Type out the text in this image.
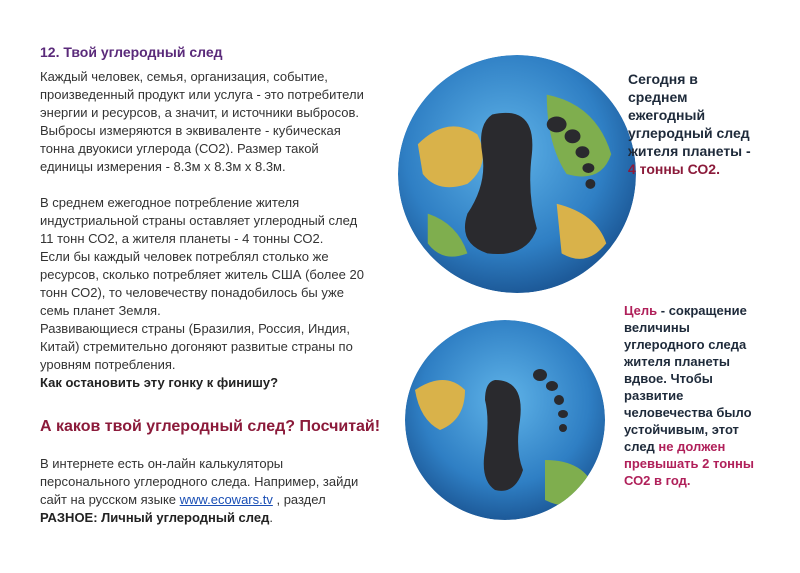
12. Твой углеродный след

Каждый человек, семья, организация, событие,

произведенный продукт или услуга - это потребители

энергии и ресурсов, а значит, и источники выбросов.

Выбросы измеряются в эквиваленте - кубическая

тонна двуокиси углерода (СО2). Размер такой

единицы измерения - 8.3м х 8.3м х 8.3м.

В среднем ежегодное потребление жителя

индустриальной страны оставляет углеродный след

11 тонн СО2, а жителя планеты - 4 тонны СО2.

Если бы каждый человек потреблял столько же

ресурсов, сколько потребляет житель США (более 20

тонн СО2), то человечеству понадобилось бы уже

семь планет Земля.

Развивающиеся страны (Бразилия, Россия, Индия,

Китай) стремительно догоняют развитые страны по

уровням потребления.

Как остановить эту гонку к финишу?

А каков твой углеродный след? Посчитай!

В интернете есть он-лайн калькуляторы

персонального углеродного следа. Например, зайди

сайт на русском языке www.ecowars.tv , раздел

РАЗНОЕ: Личный углеродный след.

Сегодня в
среднем
ежегодный
углеродный след
жителя планеты -
4 тонны СО2.
Цель - сокращение
величины
углеродного следа
жителя планеты
вдвое. Чтобы
развитие
человечества было
устойчивым, этот
след не должен
превышать 2 тонны
СО2 в год.
